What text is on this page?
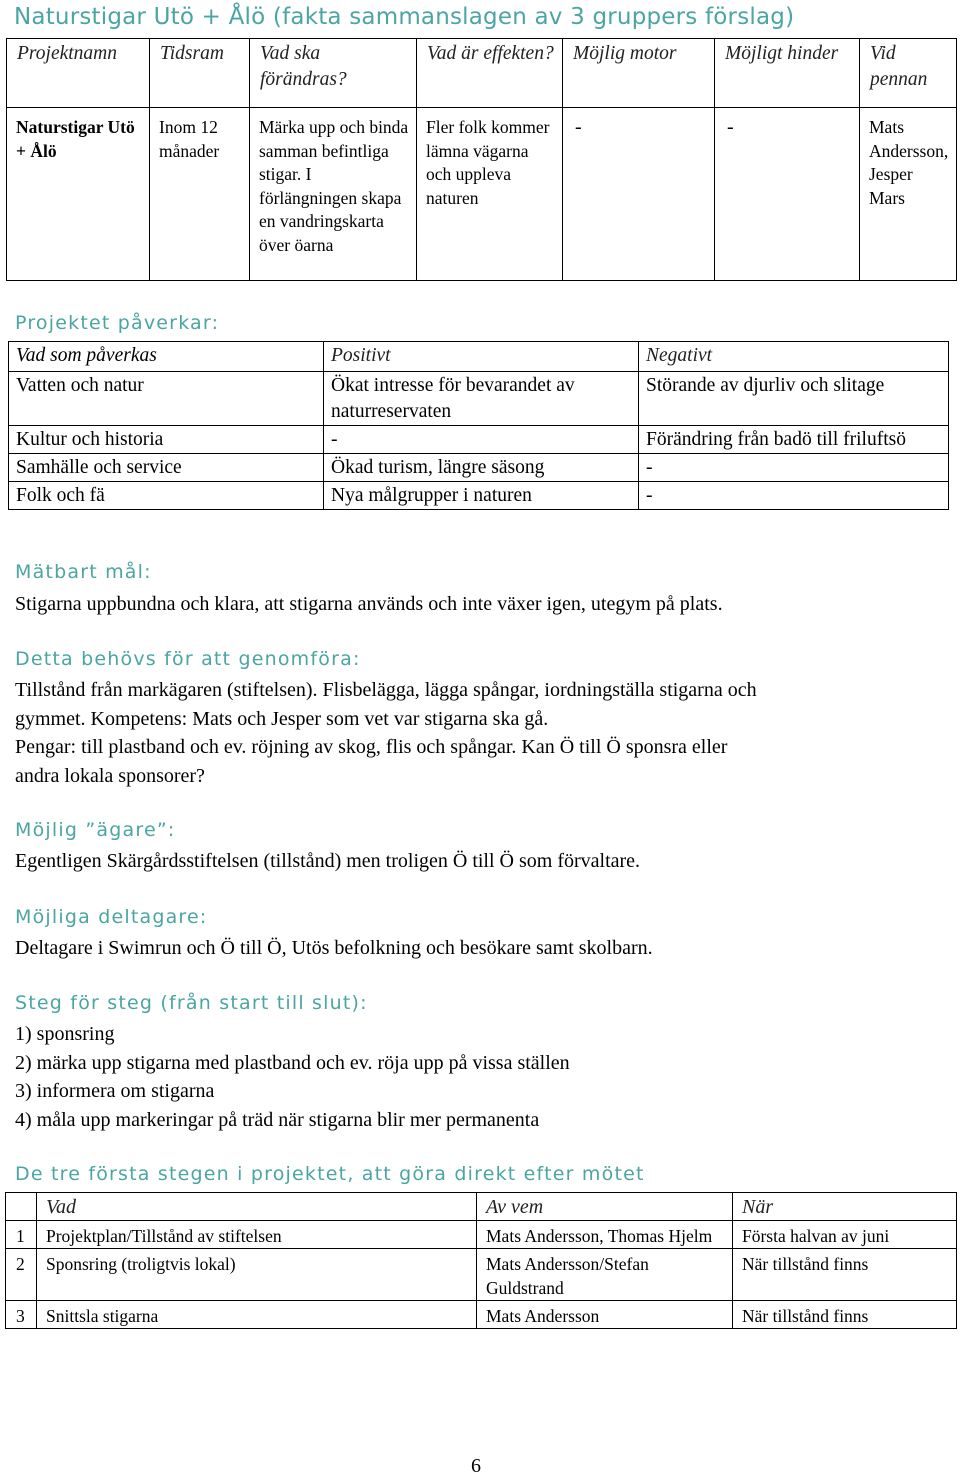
Naturstigar Utö + Ålö (fakta sammanslagen av 3 gruppers förslag)
Projektnamn	Tidsram	Vad ska förändras?	Vad är effekten?	Möjlig motor	Möjligt hinder	Vid pennan
Naturstigar Utö + Ålö	Inom 12 månader	Märka upp och binda samman befintliga stigar. I förlängningen skapa en vandringskarta över öarna	Fler folk kommer lämna vägarna och uppleva naturen	-	-	Mats Andersson, Jesper Mars
Projektet påverkar:
Vad som påverkas	Positivt	Negativt
Vatten och natur	Ökat intresse för bevarandet av naturreservaten	Störande av djurliv och slitage
Kultur och historia	-	Förändring från badö till friluftsö
Samhälle och service	Ökad turism, längre säsong	-
Folk och fä	Nya målgrupper i naturen	-
Mätbart mål:
Stigarna uppbundna och klara, att stigarna används och inte växer igen, utegym på plats.
Detta behövs för att genomföra:
Tillstånd från markägaren (stiftelsen). Flisbelägga, lägga spångar, iordningställa stigarna och
gymmet. Kompetens: Mats och Jesper som vet var stigarna ska gå.
Pengar: till plastband och ev. röjning av skog, flis och spångar. Kan Ö till Ö sponsra eller
andra lokala sponsorer?
Möjlig ”ägare”:
Egentligen Skärgårdsstiftelsen (tillstånd) men troligen Ö till Ö som förvaltare.
Möjliga deltagare:
Deltagare i Swimrun och Ö till Ö, Utös befolkning och besökare samt skolbarn.
Steg för steg (från start till slut):
1) sponsring
2) märka upp stigarna med plastband och ev. röja upp på vissa ställen
3) informera om stigarna
4) måla upp markeringar på träd när stigarna blir mer permanenta
De tre första stegen i projektet, att göra direkt efter mötet
	Vad	Av vem	När
1	Projektplan/Tillstånd av stiftelsen	Mats Andersson, Thomas Hjelm	Första halvan av juni
2	Sponsring (troligtvis lokal)	Mats Andersson/Stefan Guldstrand	När tillstånd finns
3	Snittsla stigarna	Mats Andersson	När tillstånd finns
6
